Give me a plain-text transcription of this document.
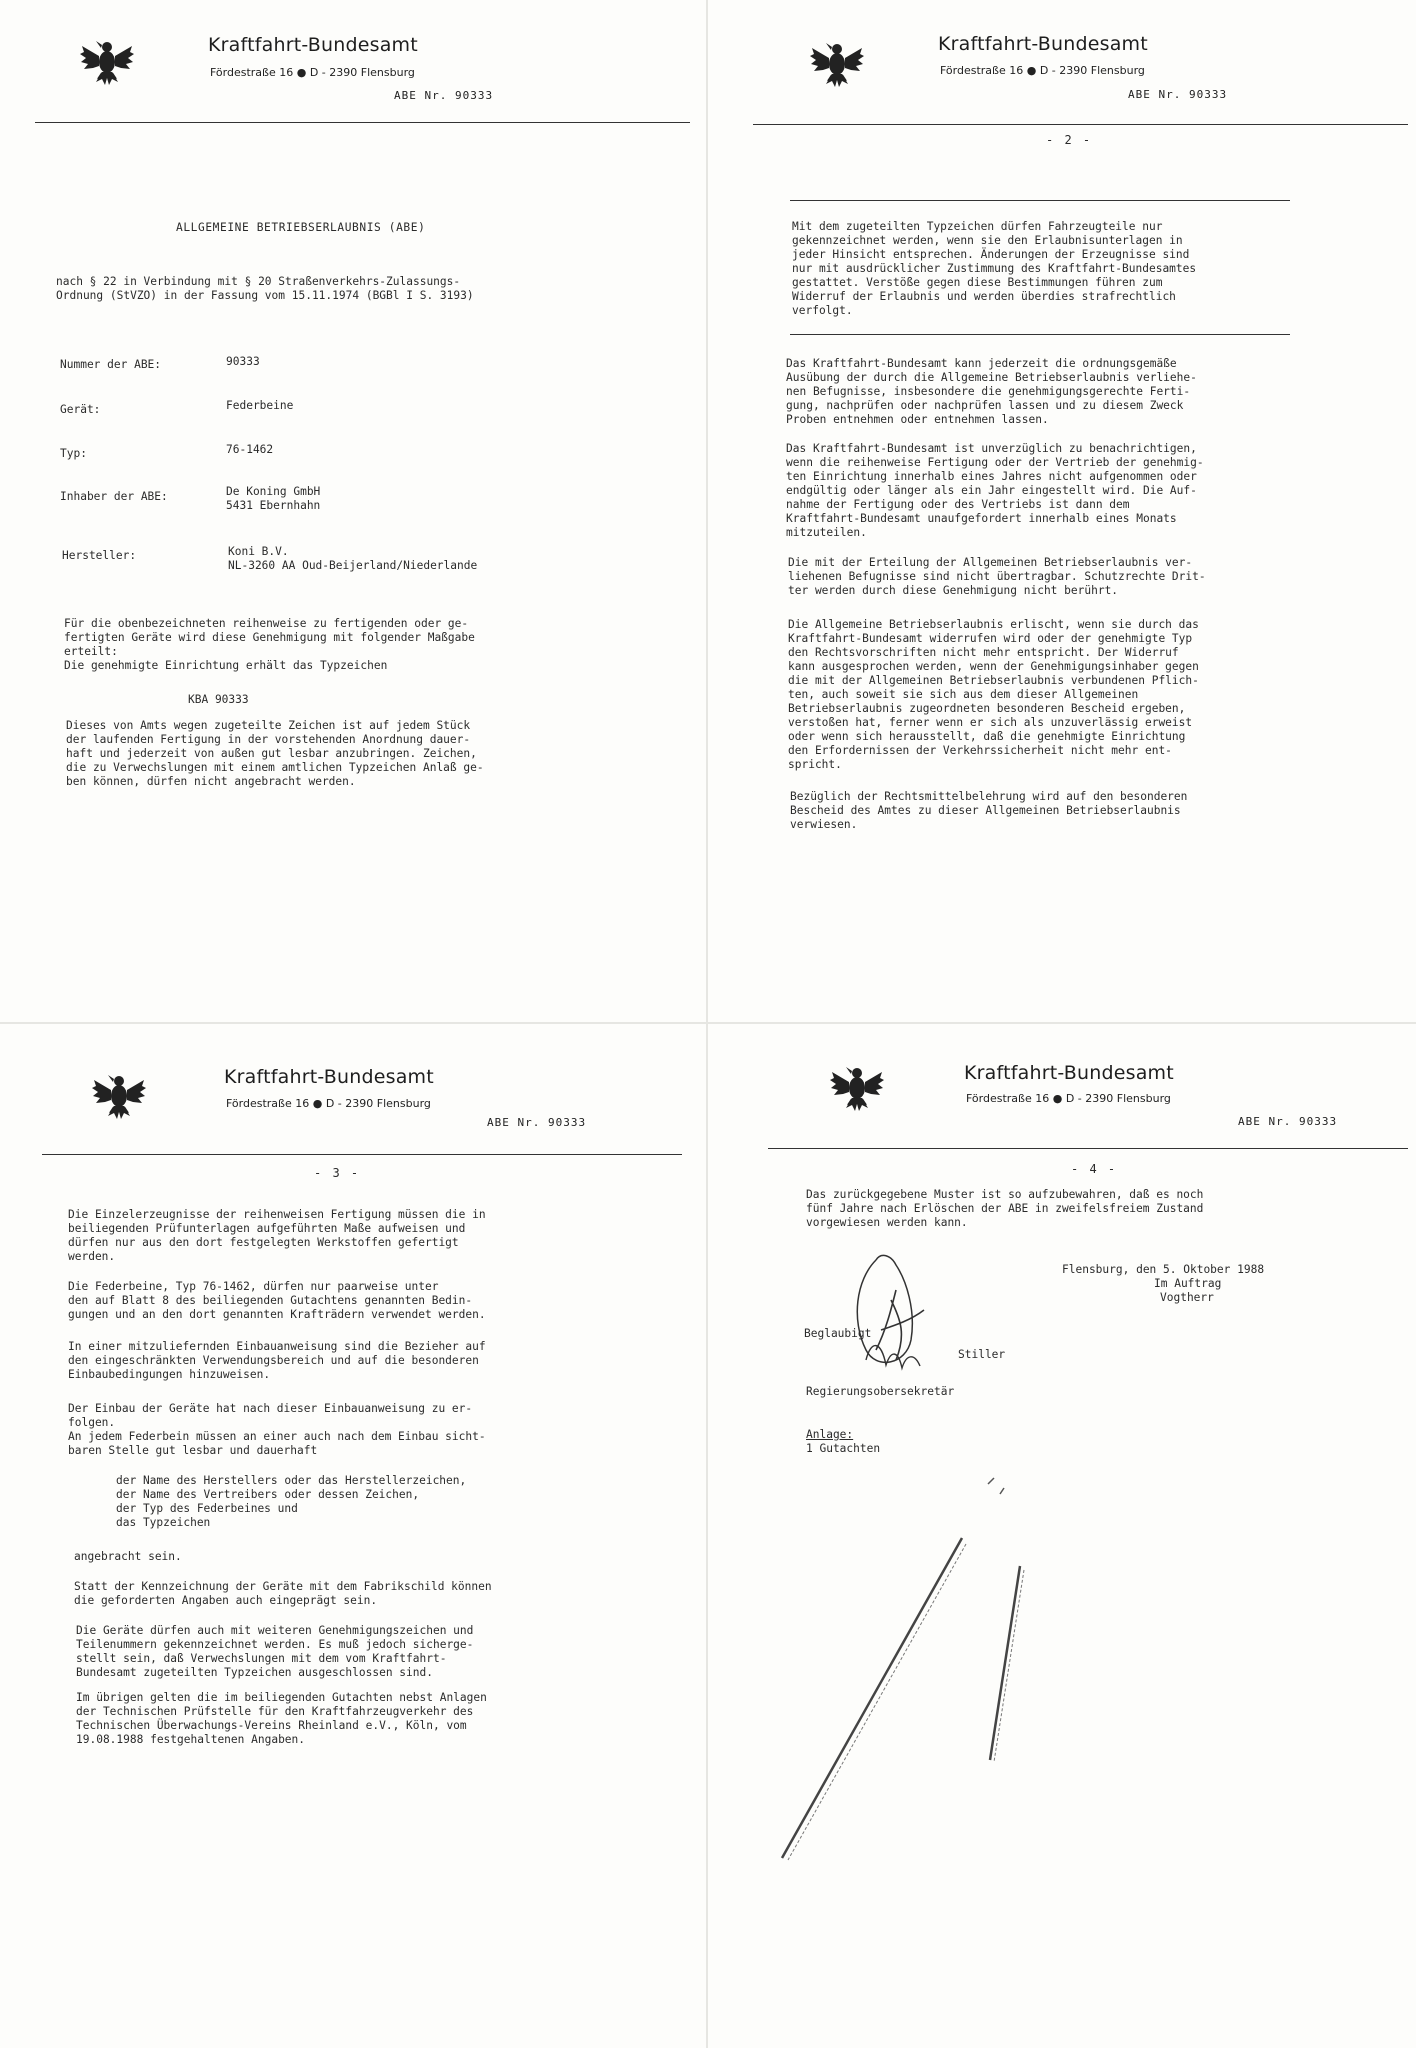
Kraftfahrt-Bundesamt
Fördestraße 16 ● D - 2390 Flensburg
ABE Nr. 90333
ALLGEMEINE BETRIEBSERLAUBNIS (ABE)
nach § 22 in Verbindung mit § 20 Straßenverkehrs-Zulassungs-
Ordnung (StVZO) in der Fassung vom 15.11.1974 (BGBl I S. 3193)
Nummer der ABE:	90333
Gerät:	Federbeine
Typ:	76-1462
Inhaber der ABE:	De Koning GmbH
5431 Ebernhahn
Hersteller:	Koni B.V.
NL-3260 AA Oud-Beijerland/Niederlande
Für die obenbezeichneten reihenweise zu fertigenden oder ge-
fertigten Geräte wird diese Genehmigung mit folgender Maßgabe
erteilt:
Die genehmigte Einrichtung erhält das Typzeichen
KBA 90333
Dieses von Amts wegen zugeteilte Zeichen ist auf jedem Stück
der laufenden Fertigung in der vorstehenden Anordnung dauer-
haft und jederzeit von außen gut lesbar anzubringen. Zeichen,
die zu Verwechslungen mit einem amtlichen Typzeichen Anlaß ge-
ben können, dürfen nicht angebracht werden.
Kraftfahrt-Bundesamt
Fördestraße 16 ● D - 2390 Flensburg
ABE Nr. 90333
- 2 -
Mit dem zugeteilten Typzeichen dürfen Fahrzeugteile nur
gekennzeichnet werden, wenn sie den Erlaubnisunterlagen in
jeder Hinsicht entsprechen. Änderungen der Erzeugnisse sind
nur mit ausdrücklicher Zustimmung des Kraftfahrt-Bundesamtes
gestattet. Verstöße gegen diese Bestimmungen führen zum
Widerruf der Erlaubnis und werden überdies strafrechtlich
verfolgt.
Das Kraftfahrt-Bundesamt kann jederzeit die ordnungsgemäße
Ausübung der durch die Allgemeine Betriebserlaubnis verliehe-
nen Befugnisse, insbesondere die genehmigungsgerechte Ferti-
gung, nachprüfen oder nachprüfen lassen und zu diesem Zweck
Proben entnehmen oder entnehmen lassen.
Das Kraftfahrt-Bundesamt ist unverzüglich zu benachrichtigen,
wenn die reihenweise Fertigung oder der Vertrieb der genehmig-
ten Einrichtung innerhalb eines Jahres nicht aufgenommen oder
endgültig oder länger als ein Jahr eingestellt wird. Die Auf-
nahme der Fertigung oder des Vertriebs ist dann dem
Kraftfahrt-Bundesamt unaufgefordert innerhalb eines Monats
mitzuteilen.
Die mit der Erteilung der Allgemeinen Betriebserlaubnis ver-
liehenen Befugnisse sind nicht übertragbar. Schutzrechte Drit-
ter werden durch diese Genehmigung nicht berührt.
Die Allgemeine Betriebserlaubnis erlischt, wenn sie durch das
Kraftfahrt-Bundesamt widerrufen wird oder der genehmigte Typ
den Rechtsvorschriften nicht mehr entspricht. Der Widerruf
kann ausgesprochen werden, wenn der Genehmigungsinhaber gegen
die mit der Allgemeinen Betriebserlaubnis verbundenen Pflich-
ten, auch soweit sie sich aus dem dieser Allgemeinen
Betriebserlaubnis zugeordneten besonderen Bescheid ergeben,
verstoßen hat, ferner wenn er sich als unzuverlässig erweist
oder wenn sich herausstellt, daß die genehmigte Einrichtung
den Erfordernissen der Verkehrssicherheit nicht mehr ent-
spricht.
Bezüglich der Rechtsmittelbelehrung wird auf den besonderen
Bescheid des Amtes zu dieser Allgemeinen Betriebserlaubnis
verwiesen.
Kraftfahrt-Bundesamt
Fördestraße 16 ● D - 2390 Flensburg
ABE Nr. 90333
- 3 -
Die Einzelerzeugnisse der reihenweisen Fertigung müssen die in
beiliegenden Prüfunterlagen aufgeführten Maße aufweisen und
dürfen nur aus den dort festgelegten Werkstoffen gefertigt
werden.
Die Federbeine, Typ 76-1462, dürfen nur paarweise unter
den auf Blatt 8 des beiliegenden Gutachtens genannten Bedin-
gungen und an den dort genannten Krafträdern verwendet werden.
In einer mitzuliefernden Einbauanweisung sind die Bezieher auf
den eingeschränkten Verwendungsbereich und auf die besonderen
Einbaubedingungen hinzuweisen.
Der Einbau der Geräte hat nach dieser Einbauanweisung zu er-
folgen.
An jedem Federbein müssen an einer auch nach dem Einbau sicht-
baren Stelle gut lesbar und dauerhaft
der Name des Herstellers oder das Herstellerzeichen,
der Name des Vertreibers oder dessen Zeichen,
der Typ des Federbeines und
das Typzeichen
angebracht sein.
Statt der Kennzeichnung der Geräte mit dem Fabrikschild können
die geforderten Angaben auch eingeprägt sein.
Die Geräte dürfen auch mit weiteren Genehmigungszeichen und
Teilenummern gekennzeichnet werden. Es muß jedoch sicherge-
stellt sein, daß Verwechslungen mit dem vom Kraftfahrt-
Bundesamt zugeteilten Typzeichen ausgeschlossen sind.
Im übrigen gelten die im beiliegenden Gutachten nebst Anlagen
der Technischen Prüfstelle für den Kraftfahrzeugverkehr des
Technischen Überwachungs-Vereins Rheinland e.V., Köln, vom
19.08.1988 festgehaltenen Angaben.
Kraftfahrt-Bundesamt
Fördestraße 16 ● D - 2390 Flensburg
ABE Nr. 90333
- 4 -
Das zurückgegebene Muster ist so aufzubewahren, daß es noch
fünf Jahre nach Erlöschen der ABE in zweifelsfreiem Zustand
vorgewiesen werden kann.
Flensburg, den 5. Oktober 1988
Im Auftrag
Vogtherr
Beglaubigt
Stiller
Regierungsobersekretär
Anlage:
1 Gutachten
